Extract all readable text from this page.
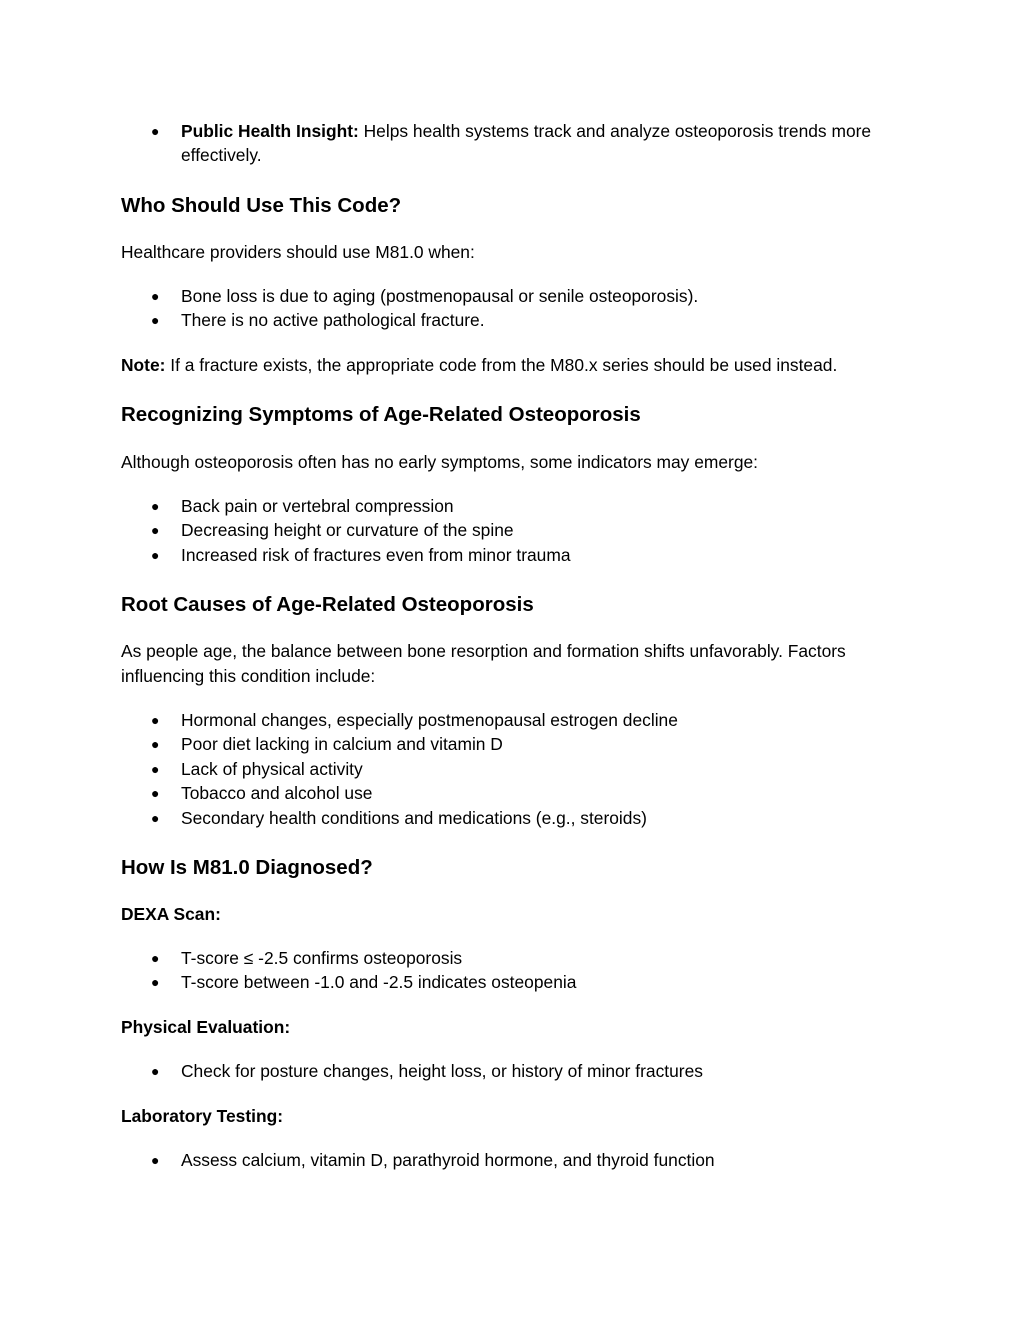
● Public Health Insight: Helps health systems track and analyze osteoporosis trends more effectively.
Who Should Use This Code?

Healthcare providers should use M81.0 when:

● Bone loss is due to aging (postmenopausal or senile osteoporosis).
● There is no active pathological fracture.

Note: If a fracture exists, the appropriate code from the M80.x series should be used instead.

Recognizing Symptoms of Age-Related Osteoporosis

Although osteoporosis often has no early symptoms, some indicators may emerge:

● Back pain or vertebral compression
● Decreasing height or curvature of the spine
● Increased risk of fractures even from minor trauma
Root Causes of Age-Related Osteoporosis

As people age, the balance between bone resorption and formation shifts unfavorably. Factors influencing this condition include:

● Hormonal changes, especially postmenopausal estrogen decline
● Poor diet lacking in calcium and vitamin D
● Lack of physical activity
● Tobacco and alcohol use
● Secondary health conditions and medications (e.g., steroids)
How Is M81.0 Diagnosed?
DEXA Scan:
● T-score ≤ -2.5 confirms osteoporosis
● T-score between -1.0 and -2.5 indicates osteopenia
Physical Evaluation:
● Check for posture changes, height loss, or history of minor fractures
Laboratory Testing:
● Assess calcium, vitamin D, parathyroid hormone, and thyroid function
